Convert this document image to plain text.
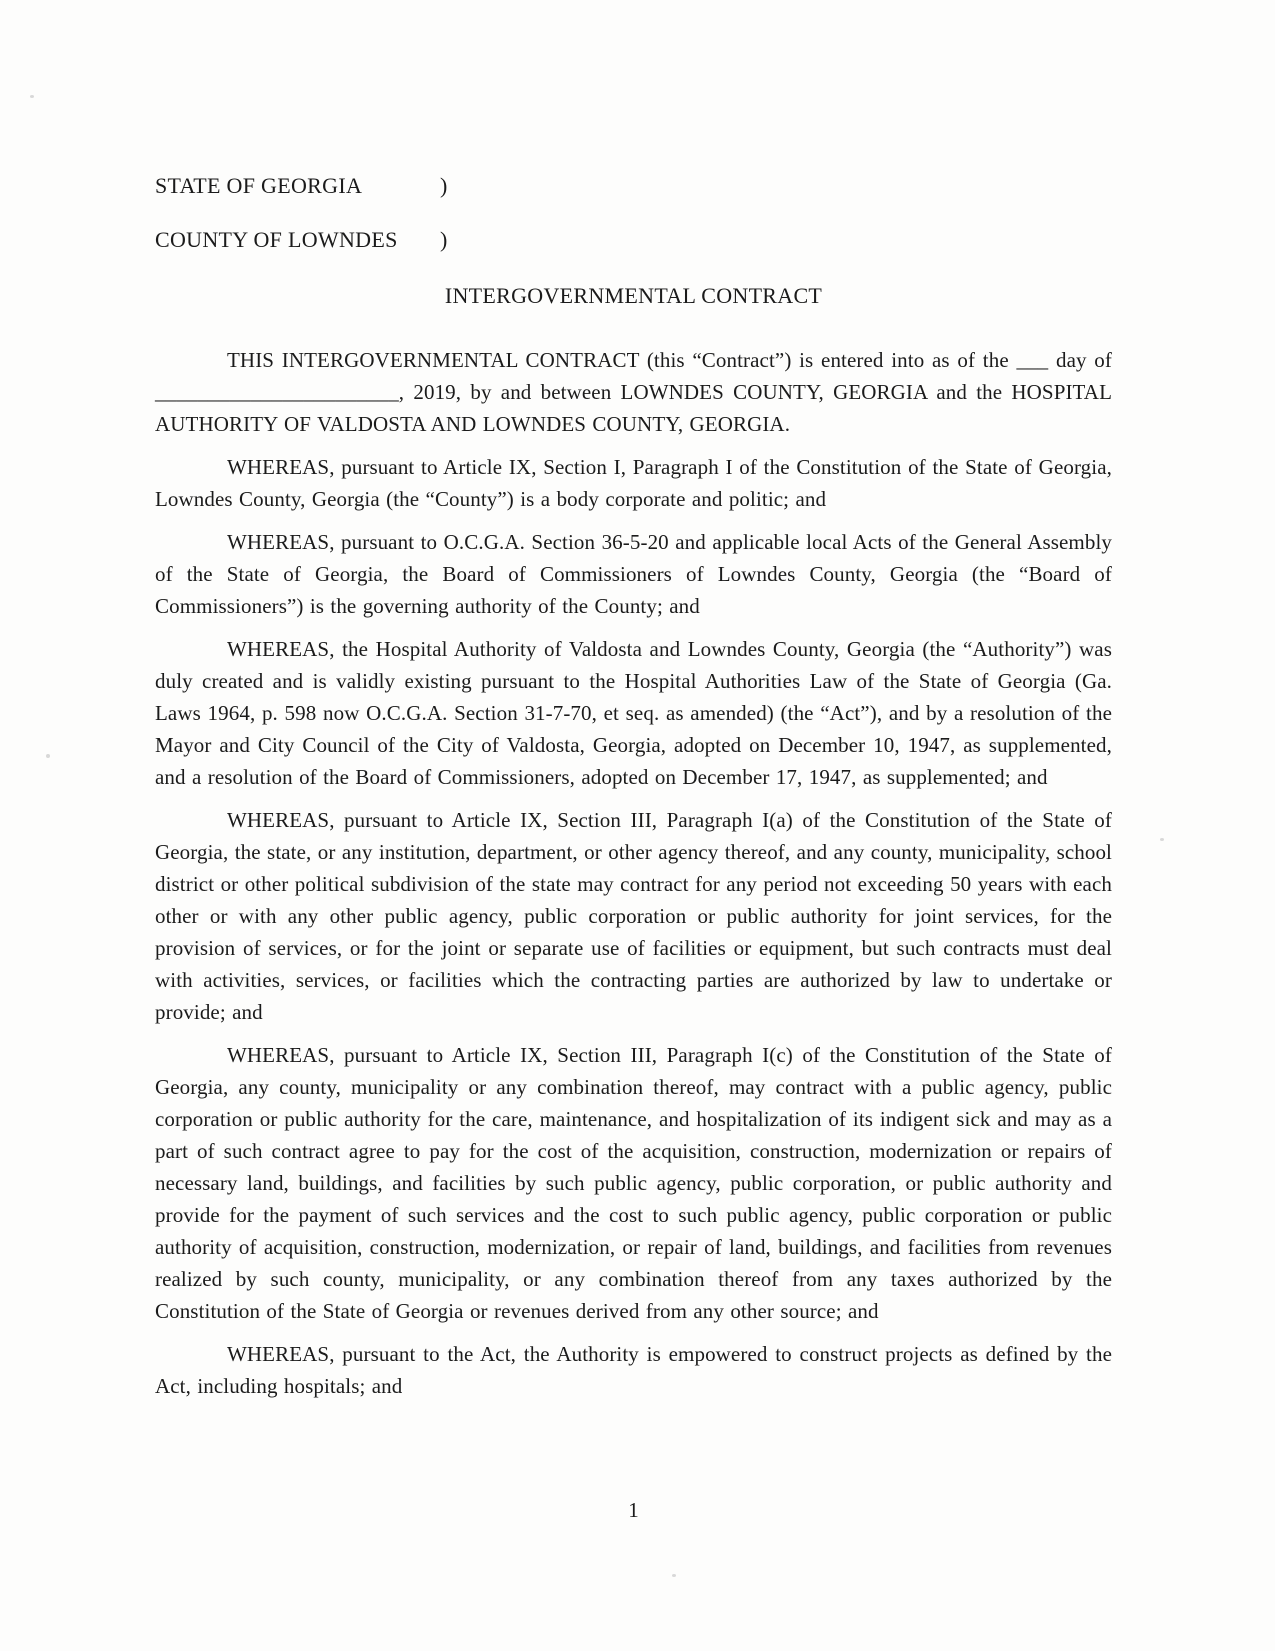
STATE OF GEORGIA	)
COUNTY OF LOWNDES	)
INTERGOVERNMENTAL CONTRACT

THIS INTERGOVERNMENTAL CONTRACT (this “Contract”) is entered into as of the ___ day of _______________________, 2019, by and between LOWNDES COUNTY, GEORGIA and the HOSPITAL AUTHORITY OF VALDOSTA AND LOWNDES COUNTY, GEORGIA.

WHEREAS, pursuant to Article IX, Section I, Paragraph I of the Constitution of the State of Georgia, Lowndes County, Georgia (the “County”) is a body corporate and politic; and

WHEREAS, pursuant to O.C.G.A. Section 36-5-20 and applicable local Acts of the General Assembly of the State of Georgia, the Board of Commissioners of Lowndes County, Georgia (the “Board of Commissioners”) is the governing authority of the County; and

WHEREAS, the Hospital Authority of Valdosta and Lowndes County, Georgia (the “Authority”) was duly created and is validly existing pursuant to the Hospital Authorities Law of the State of Georgia (Ga. Laws 1964, p. 598 now O.C.G.A. Section 31-7-70, et seq. as amended) (the “Act”), and by a resolution of the Mayor and City Council of the City of Valdosta, Georgia, adopted on December 10, 1947, as supplemented, and a resolution of the Board of Commissioners, adopted on December 17, 1947, as supplemented; and

WHEREAS, pursuant to Article IX, Section III, Paragraph I(a) of the Constitution of the State of Georgia, the state, or any institution, department, or other agency thereof, and any county, municipality, school district or other political subdivision of the state may contract for any period not exceeding 50 years with each other or with any other public agency, public corporation or public authority for joint services, for the provision of services, or for the joint or separate use of facilities or equipment, but such contracts must deal with activities, services, or facilities which the contracting parties are authorized by law to undertake or provide; and

WHEREAS, pursuant to Article IX, Section III, Paragraph I(c) of the Constitution of the State of Georgia, any county, municipality or any combination thereof, may contract with a public agency, public corporation or public authority for the care, maintenance, and hospitalization of its indigent sick and may as a part of such contract agree to pay for the cost of the acquisition, construction, modernization or repairs of necessary land, buildings, and facilities by such public agency, public corporation, or public authority and provide for the payment of such services and the cost to such public agency, public corporation or public authority of acquisition, construction, modernization, or repair of land, buildings, and facilities from revenues realized by such county, municipality, or any combination thereof from any taxes authorized by the Constitution of the State of Georgia or revenues derived from any other source; and

WHEREAS, pursuant to the Act, the Authority is empowered to construct projects as defined by the Act, including hospitals; and

1
